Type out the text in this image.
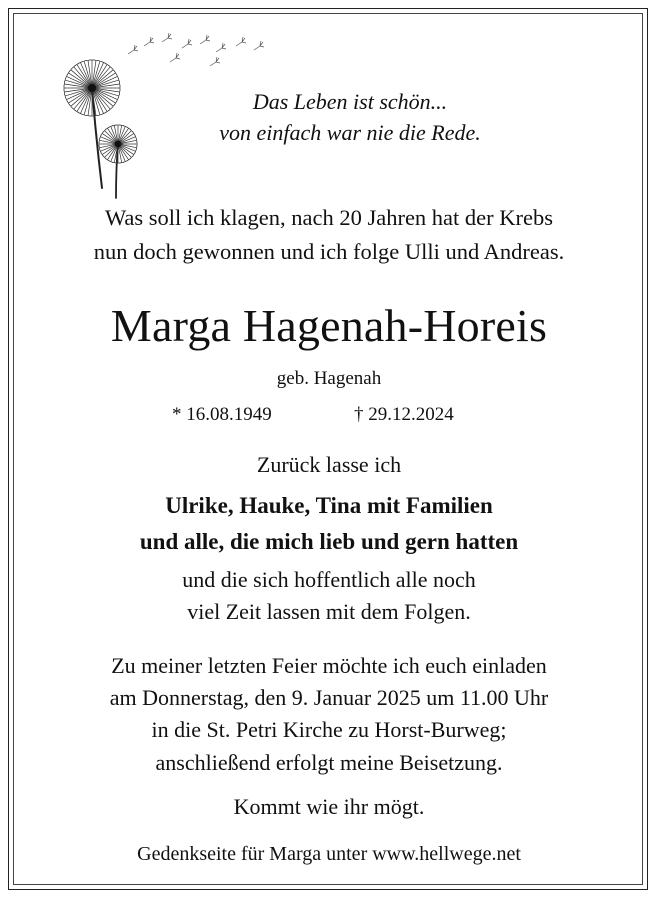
Das Leben ist schön...
von einfach war nie die Rede.
Was soll ich klagen, nach 20 Jahren hat der Krebs
nun doch gewonnen und ich folge Ulli und Andreas.
Marga Hagenah-Horeis
geb. Hagenah
* 16.08.1949	† 29.12.2024
Zurück lasse ich
Ulrike, Hauke, Tina mit Familien
und alle, die mich lieb und gern hatten
und die sich hoffentlich alle noch
viel Zeit lassen mit dem Folgen.
Zu meiner letzten Feier möchte ich euch einladen
am Donnerstag, den 9. Januar 2025 um 11.00 Uhr
in die St. Petri Kirche zu Horst-Burweg;
anschließend erfolgt meine Beisetzung.
Kommt wie ihr mögt.
Gedenkseite für Marga unter www.hellwege.net
